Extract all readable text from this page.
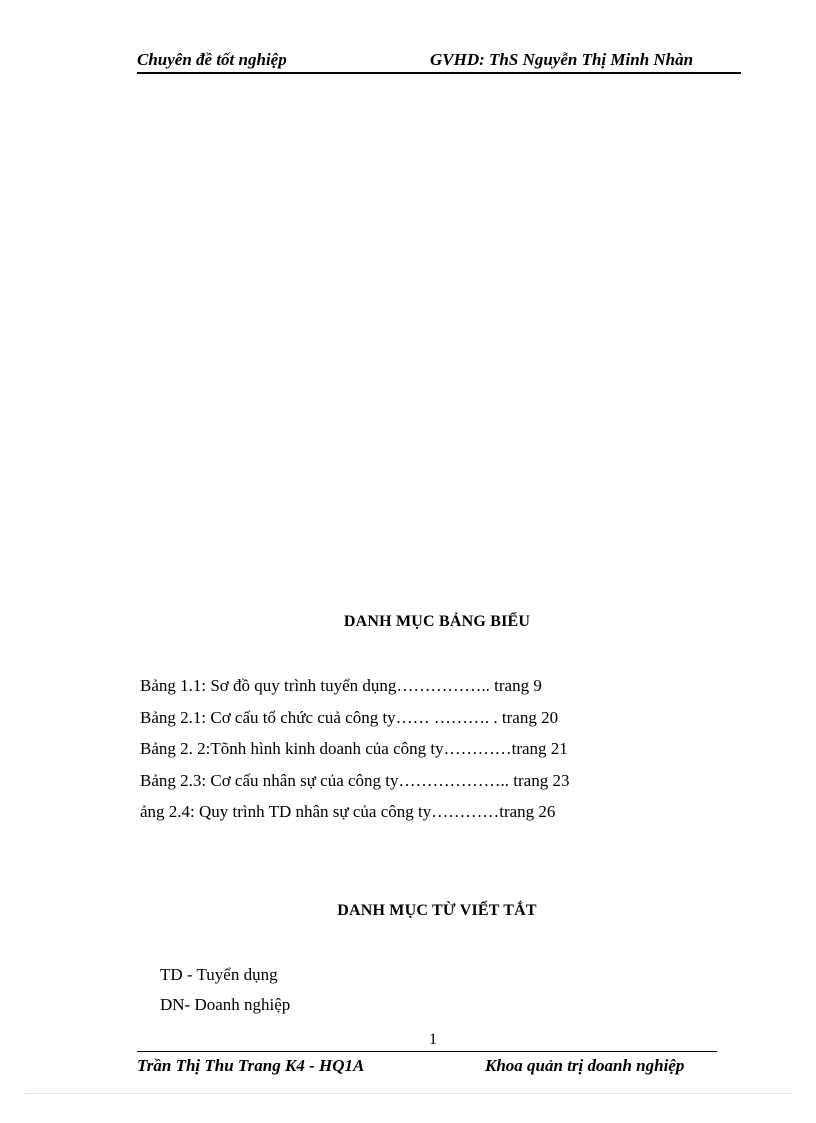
Chuyên đề tốt nghiệp	GVHD: ThS Nguyễn Thị Minh Nhàn
DANH MỤC BẢNG BIỂU
Bảng 1.1: Sơ đồ quy trình tuyển dụng…………….. trang 9
Bảng 2.1: Cơ cấu tổ chức cuả công ty…… ………. . trang 20
Bảng 2. 2:Tõnh hình kinh doanh của công ty…………trang 21
Bảng 2.3: Cơ cấu nhân sự của công ty……………….. trang 23
ảng 2.4: Quy trình TD nhân sự của công ty…………trang 26
DANH MỤC TỪ VIẾT TẮT
TD - Tuyển dụng
DN- Doanh nghiệp
1
Trần Thị Thu Trang K4 - HQ1A	Khoa quản trị doanh nghiệp
